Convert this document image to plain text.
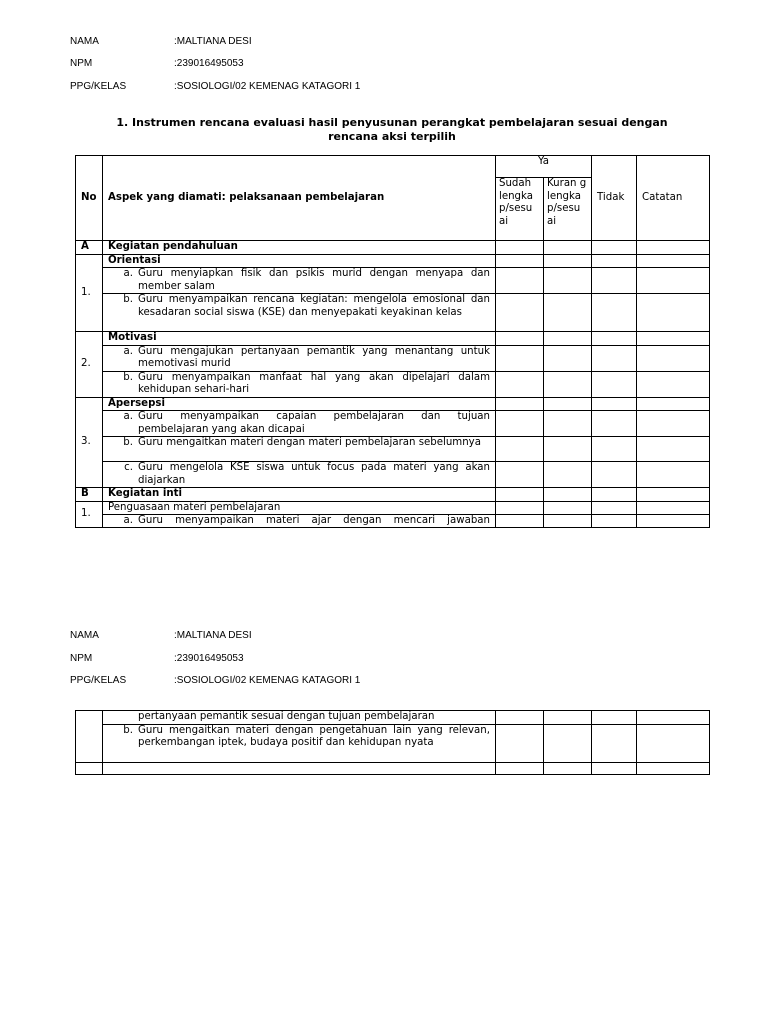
NAMA	:MALTIANA DESI
NPM	:239016495053
PPG/KELAS	:SOSIOLOGI/02 KEMENAG KATAGORI 1
1. Instrumen rencana evaluasi hasil penyusunan perangkat pembelajaran sesuai dengan rencana aksi terpilih
No	Aspek yang diamati: pelaksanaan pembelajaran	Ya		Tidak	Catatan
		Sudah lengka p/sesu ai	Kuran g lengka p/sesu ai		
A	Kegiatan pendahuluan				
1.	Orientasi				

	a. Guru menyiapkan fisik dan psikis murid dengan menyapa dan member salam				

	b. Guru menyampaikan rencana kegiatan: mengelola emosional dan kesadaran social siswa (KSE) dan menyepakati keyakinan kelas				

2.	Motivasi				

	a. Guru mengajukan pertanyaan pemantik yang menantang untuk memotivasi murid				

	b. Guru menyampaikan manfaat hal yang akan dipelajari dalam kehidupan sehari-hari				

3.	Apersepsi				

	a. Guru menyampaikan capaian pembelajaran dan tujuan pembelajaran yang akan dicapai				

	b. Guru mengaitkan materi dengan materi pembelajaran sebelumnya				

	c. Guru mengelola KSE siswa untuk focus pada materi yang akan diajarkan				

B	Kegiatan inti				
1.	Penguasaan materi pembelajaran				

	a. Guru menyampaikan materi ajar dengan mencari jawaban				

NAMA	:MALTIANA DESI
NPM	:239016495053
PPG/KELAS	:SOSIOLOGI/02 KEMENAG KATAGORI 1

	pertanyaan pemantik sesuai dengan tujuan pembelajaran				

	b. Guru mengaitkan materi dengan pengetahuan lain yang relevan, perkembangan iptek, budaya positif dan kehidupan nyata				
